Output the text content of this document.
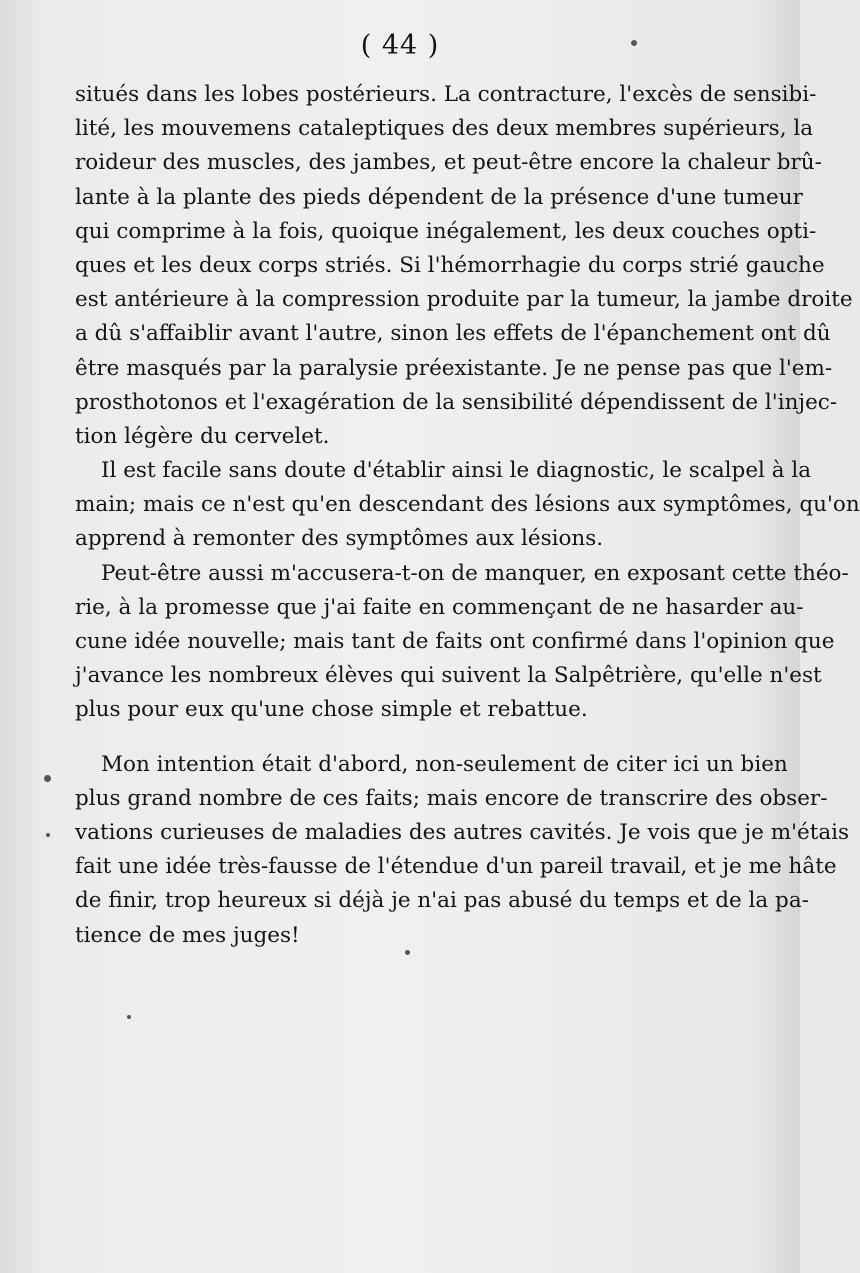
( 44 )
situés dans les lobes postérieurs. La contracture, l'excès de sensibi-
lité, les mouvemens cataleptiques des deux membres supérieurs, la
roideur des muscles, des jambes, et peut-être encore la chaleur brû-
lante à la plante des pieds dépendent de la présence d'une tumeur
qui comprime à la fois, quoique inégalement, les deux couches opti-
ques et les deux corps striés. Si l'hémorrhagie du corps strié gauche
est antérieure à la compression produite par la tumeur, la jambe droite
a dû s'affaiblir avant l'autre, sinon les effets de l'épanchement ont dû
être masqués par la paralysie préexistante. Je ne pense pas que l'em-
prosthotonos et l'exagération de la sensibilité dépendissent de l'injec-
tion légère du cervelet.
Il est facile sans doute d'établir ainsi le diagnostic, le scalpel à la
main; mais ce n'est qu'en descendant des lésions aux symptômes, qu'on
apprend à remonter des symptômes aux lésions.
Peut-être aussi m'accusera-t-on de manquer, en exposant cette théo-
rie, à la promesse que j'ai faite en commençant de ne hasarder au-
cune idée nouvelle; mais tant de faits ont confirmé dans l'opinion que
j'avance les nombreux élèves qui suivent la Salpêtrière, qu'elle n'est
plus pour eux qu'une chose simple et rebattue.
Mon intention était d'abord, non-seulement de citer ici un bien
plus grand nombre de ces faits; mais encore de transcrire des obser-
vations curieuses de maladies des autres cavités. Je vois que je m'étais
fait une idée très-fausse de l'étendue d'un pareil travail, et je me hâte
de finir, trop heureux si déjà je n'ai pas abusé du temps et de la pa-
tience de mes juges!
